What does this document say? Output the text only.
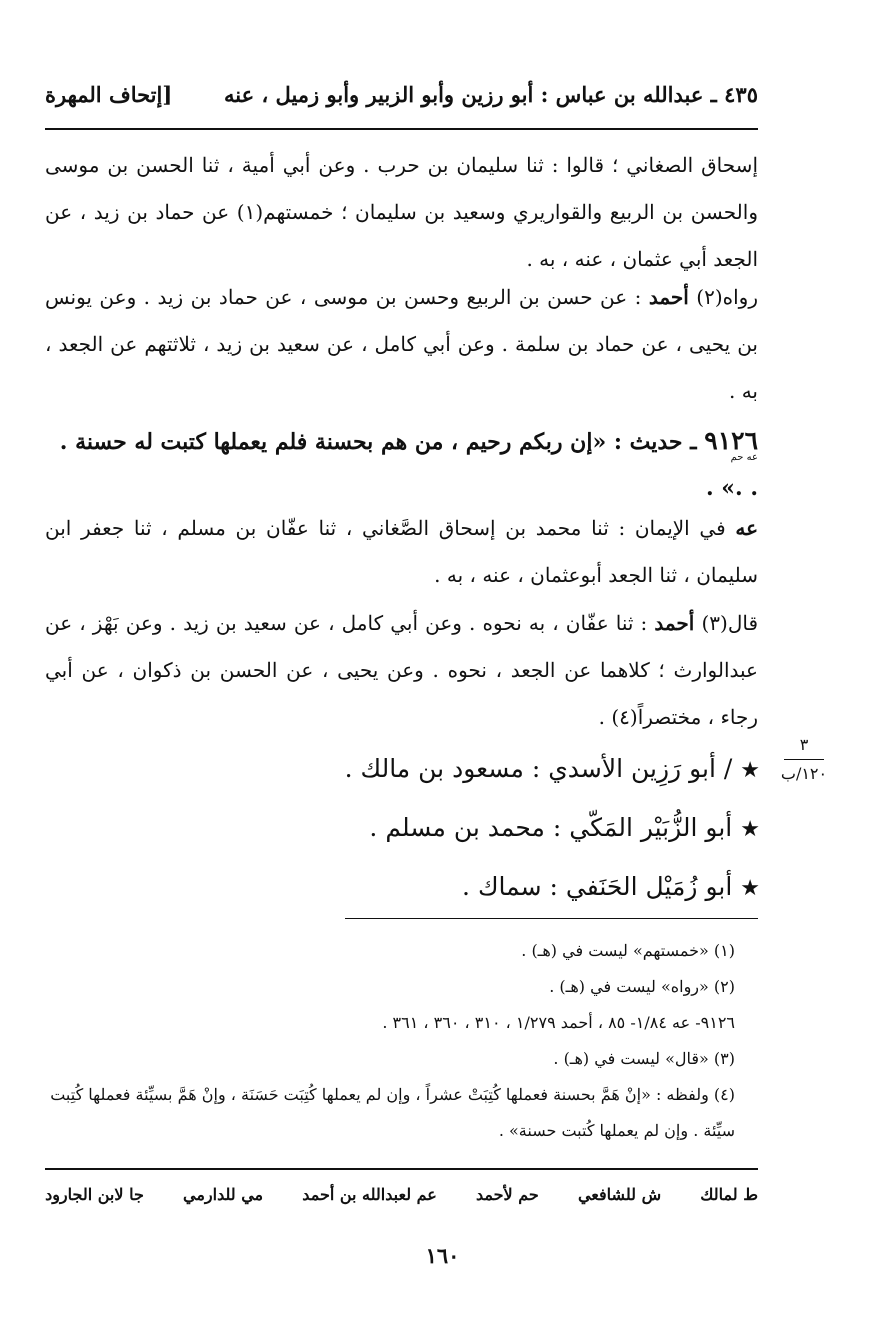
٤٣٥ ـ عبدالله بن عباس : أبو رزين وأبو الزبير وأبو زميل ، عنه
[إتحاف المهرة
إسحاق الصغاني ؛ قالوا : ثنا سليمان بن حرب . وعن أبي أمية ، ثنا الحسن بن موسى والحسن بن الربيع والقواريري وسعيد بن سليمان ؛ خمستهم(١) عن حماد بن زيد ، عن الجعد أبي عثمان ، عنه ، به .
رواه(٢) أحمد : عن حسن بن الربيع وحسن بن موسى ، عن حماد بن زيد . وعن يونس بن يحيى ، عن حماد بن سلمة . وعن أبي كامل ، عن سعيد بن زيد ، ثلاثتهم عن الجعد ، به .
٩١٢٦ ـ حديث : «إن ربكم رحيم ، من هم بحسنة فلم يعملها كتبت له حسنة . . .» .
عه حم
عه في الإيمان : ثنا محمد بن إسحاق الصَّغاني ، ثنا عفّان بن مسلم ، ثنا جعفر ابن سليمان ، ثنا الجعد أبوعثمان ، عنه ، به .
قال(٣) أحمد : ثنا عفّان ، به نحوه . وعن أبي كامل ، عن سعيد بن زيد . وعن بَهْز ، عن عبدالوارث ؛ كلاهما عن الجعد ، نحوه . وعن يحيى ، عن الحسن بن ذكوان ، عن أبي رجاء ، مختصراً(٤) .
٣
١٢٠/ب
★/ أبو رَزِين الأسدي : مسعود بن مالك .
★أبو الزُّبَيْر المَكّي : محمد بن مسلم .
★أبو زُمَيْل الحَنَفي : سماك .
(١) «خمستهم» ليست في (هـ) .
(٢) «رواه» ليست في (هـ) .
٩١٢٦- عه ١/٨٤- ٨٥ ، أحمد ١/٢٧٩ ، ٣١٠ ، ٣٦٠ ، ٣٦١ .
(٣) «قال» ليست في (هـ) .
(٤) ولفظه : «إنْ هَمَّ بحسنة فعملها كُتِبَتْ عشراً ، وإن لم يعملها كُتِبَت حَسَنَة ، وإنْ هَمَّ بسيِّئة فعملها كُتِبت سيِّئة . وإن لم يعملها كُتبت حسنة» .
ط لمالك
ش للشافعي
حم لأحمد
عم لعبدالله بن أحمد
مي للدارمي
جا لابن الجارود
١٦٠
